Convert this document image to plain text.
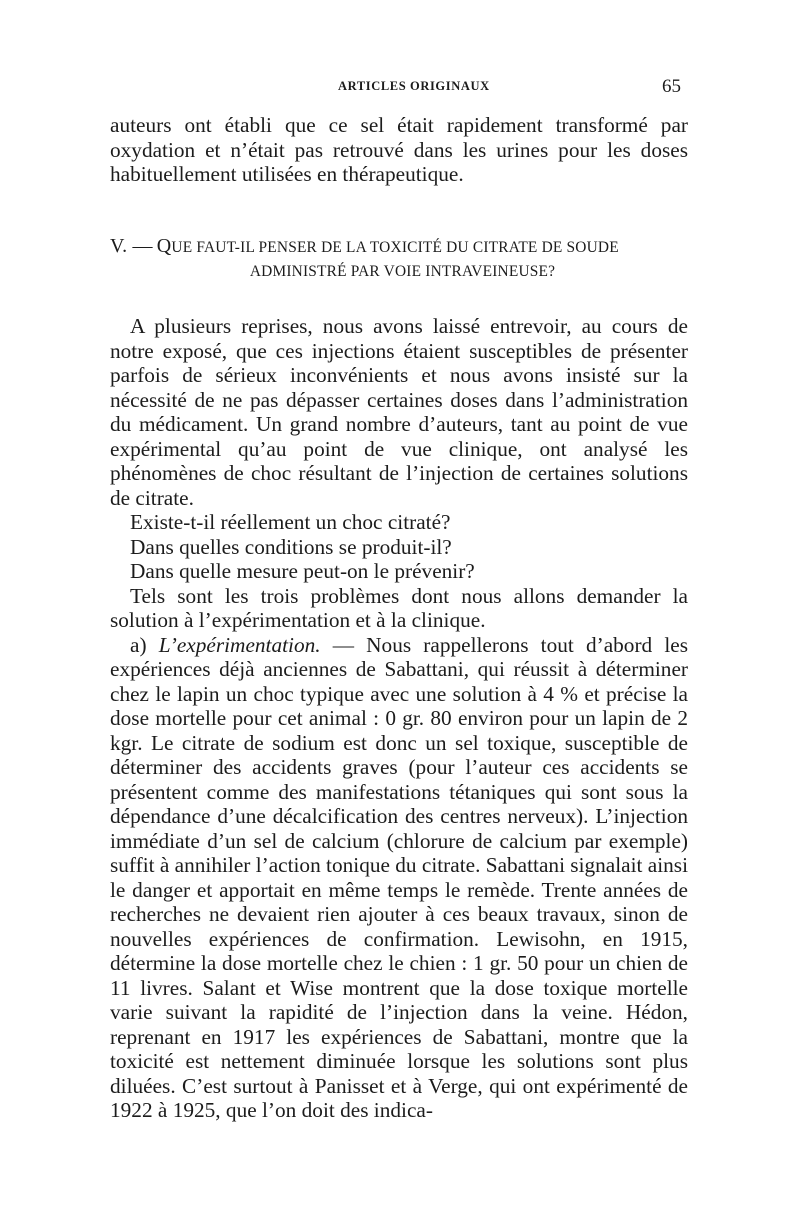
ARTICLES ORIGINAUX	65

auteurs ont établi que ce sel était rapidement transformé par oxydation et n’était pas retrouvé dans les urines pour les doses habituellement utilisées en thérapeutique.

V. — QUE FAUT-IL PENSER DE LA TOXICITÉ DU CITRATE DE SOUDE
ADMINISTRÉ PAR VOIE INTRAVEINEUSE?

A plusieurs reprises, nous avons laissé entrevoir, au cours de notre exposé, que ces injections étaient susceptibles de présenter parfois de sérieux inconvénients et nous avons insisté sur la nécessité de ne pas dépasser certaines doses dans l’administration du médicament. Un grand nombre d’auteurs, tant au point de vue expérimental qu’au point de vue clinique, ont analysé les phénomènes de choc résultant de l’injection de certaines solutions de citrate.

Existe-t-il réellement un choc citraté?

Dans quelles conditions se produit-il?

Dans quelle mesure peut-on le prévenir?

Tels sont les trois problèmes dont nous allons demander la solution à l’expérimentation et à la clinique.

a) L’expérimentation. — Nous rappellerons tout d’abord les expériences déjà anciennes de Sabattani, qui réussit à déterminer chez le lapin un choc typique avec une solution à 4 % et précise la dose mortelle pour cet animal : 0 gr. 80 environ pour un lapin de 2 kgr. Le citrate de sodium est donc un sel toxique, susceptible de déterminer des accidents graves (pour l’auteur ces accidents se présentent comme des manifestations tétaniques qui sont sous la dépendance d’une décalcification des centres nerveux). L’injection immédiate d’un sel de calcium (chlorure de calcium par exemple) suffit à annihiler l’action tonique du citrate. Sabattani signalait ainsi le danger et apportait en même temps le remède. Trente années de recherches ne devaient rien ajouter à ces beaux travaux, sinon de nouvelles expériences de confirmation. Lewisohn, en 1915, détermine la dose mortelle chez le chien : 1 gr. 50 pour un chien de 11 livres. Salant et Wise montrent que la dose toxique mortelle varie suivant la rapidité de l’injection dans la veine. Hédon, reprenant en 1917 les expériences de Sabattani, montre que la toxicité est nettement diminuée lorsque les solutions sont plus diluées. C’est surtout à Panisset et à Verge, qui ont expérimenté de 1922 à 1925, que l’on doit des indica-
